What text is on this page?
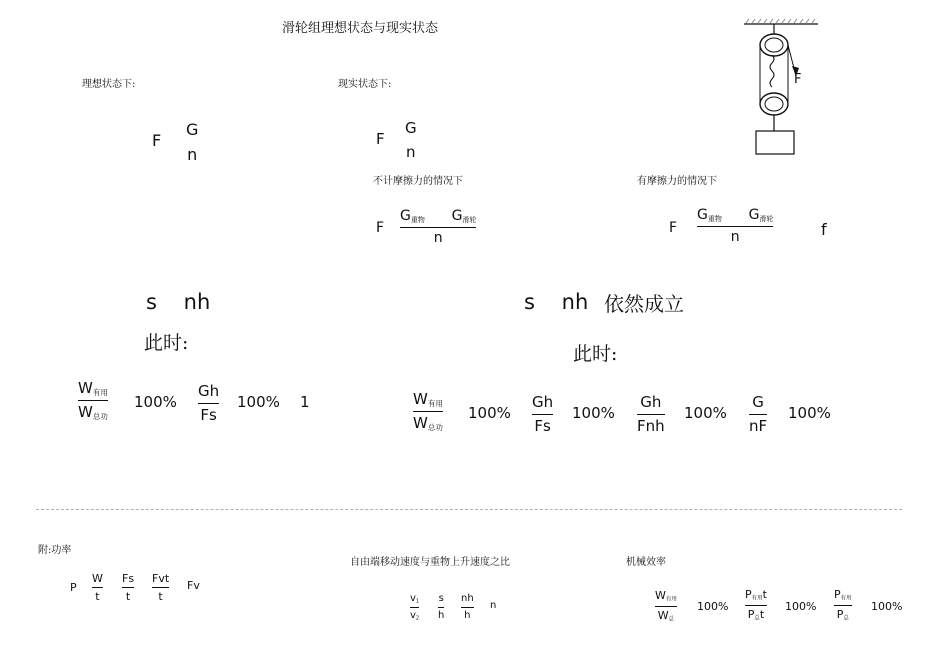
滑轮组理想状态与现实状态
理想状态下:
F
G
n
s    nh
此时:
$W_{有用}$
$W_{总功}$
100%
Gh
Fs
100% 1
现实状态下:
F
G
n
不计摩擦力的情况下	有摩擦力的情况下
F
$G_{重物}$ $G_{滑轮}$
n
F
$G_{重物}$ $G_{滑轮}$
n	f
s    nh 依然成立
此时:
$W_{有用}$
$W_{总功}$
100%
Gh
Fs
100%
Gh
Fnh
100%
G
nF
100%
F
附:功率
P
W
t
Fs
t
Fvt
t
Fv
自由端移动速度与重物上升速度之比
$v_1$
$v_2$
s
h
nh
h
n
机械效率
$W_{有用}$
$W_总$
100%
$P_{有用}t$
$P_总t$
100%
$P_{有用}$
$P_总$
100%
